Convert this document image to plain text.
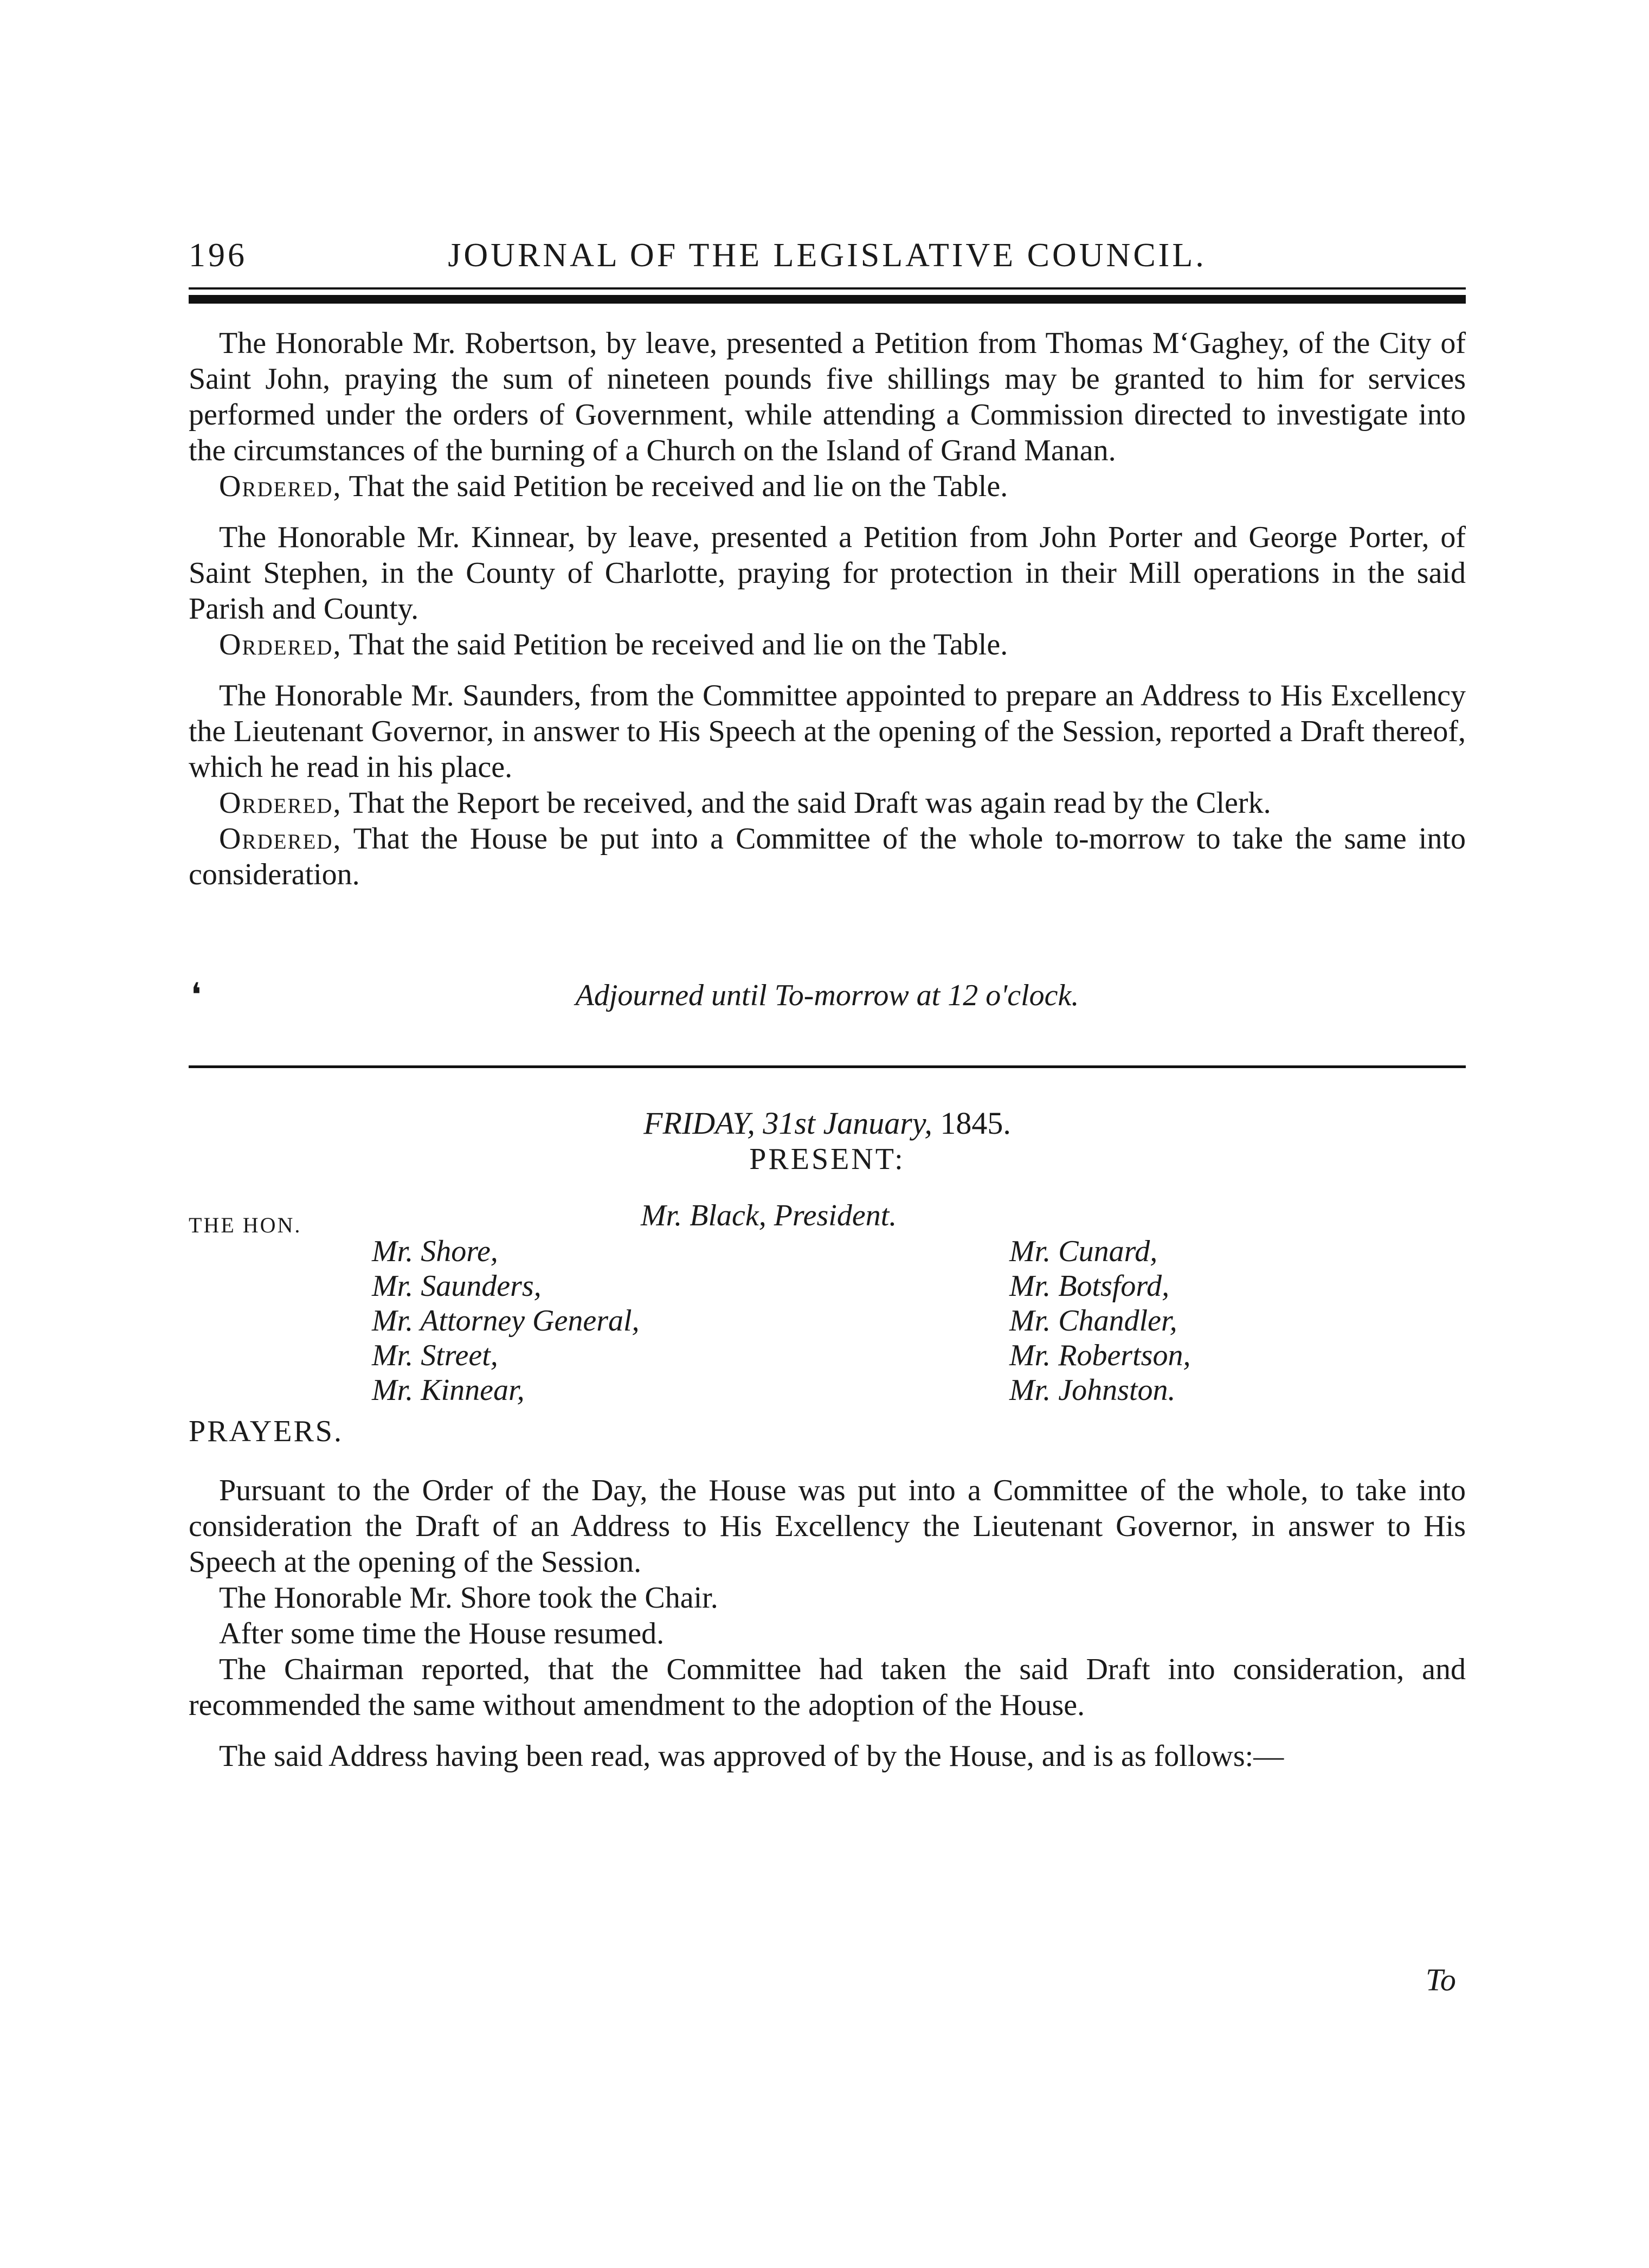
196	JOURNAL OF THE LEGISLATIVE COUNCIL.

The Honorable Mr. Robertson, by leave, presented a Petition from Thomas M‘Gaghey, of the City of Saint John, praying the sum of nineteen pounds five shillings may be granted to him for services performed under the orders of Government, while attending a Commission directed to investigate into the circumstances of the burning of a Church on the Island of Grand Manan.

Ordered, That the said Petition be received and lie on the Table.

The Honorable Mr. Kinnear, by leave, presented a Petition from John Porter and George Porter, of Saint Stephen, in the County of Charlotte, praying for protection in their Mill operations in the said Parish and County.

Ordered, That the said Petition be received and lie on the Table.

The Honorable Mr. Saunders, from the Committee appointed to prepare an Address to His Excellency the Lieutenant Governor, in answer to His Speech at the opening of the Session, reported a Draft thereof, which he read in his place.

Ordered, That the Report be received, and the said Draft was again read by the Clerk.

Ordered, That the House be put into a Committee of the whole to-morrow to take the same into consideration.

❛	Adjourned until To-morrow at 12 o'clock.
FRIDAY, 31st January, 1845.
PRESENT:
THE HON.	Mr. Black, President.
Mr. Shore,
Mr. Saunders,
Mr. Attorney General,
Mr. Street,
Mr. Kinnear,
Mr. Cunard,
Mr. Botsford,
Mr. Chandler,
Mr. Robertson,
Mr. Johnston.
PRAYERS.

Pursuant to the Order of the Day, the House was put into a Committee of the whole, to take into consideration the Draft of an Address to His Excellency the Lieutenant Governor, in answer to His Speech at the opening of the Session.

The Honorable Mr. Shore took the Chair.

After some time the House resumed.

The Chairman reported, that the Committee had taken the said Draft into consideration, and recommended the same without amendment to the adoption of the House.

The said Address having been read, was approved of by the House, and is as follows:—

To
